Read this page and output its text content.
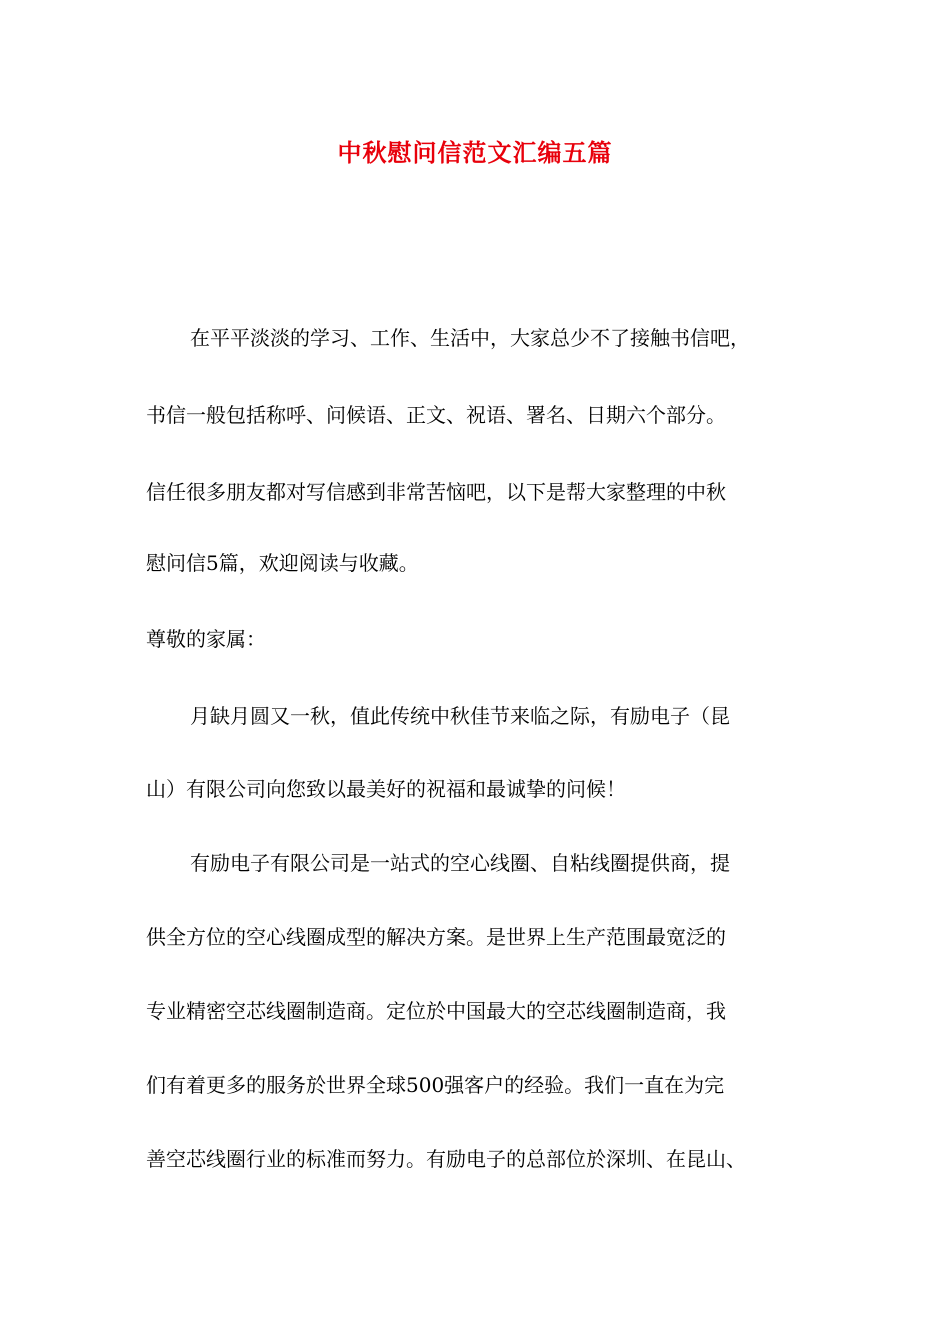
中秋慰问信范文汇编五篇

在平平淡淡的学习、工作、生活中，大家总少不了接触书信吧，

书信一般包括称呼、问候语、正文、祝语、署名、日期六个部分。

信任很多朋友都对写信感到非常苦恼吧，以下是帮大家整理的中秋

慰问信5篇，欢迎阅读与收藏。

尊敬的家属：

月缺月圆又一秋，值此传统中秋佳节来临之际，有励电子（昆

山）有限公司向您致以最美好的祝福和最诚挚的问候！

有励电子有限公司是一站式的空心线圈、自粘线圈提供商，提

供全方位的空心线圈成型的解决方案。是世界上生产范围最宽泛的

专业精密空芯线圈制造商。定位於中国最大的空芯线圈制造商，我

们有着更多的服务於世界全球500强客户的经验。我们一直在为完

善空芯线圈行业的标准而努力。有励电子的总部位於深圳、在昆山、
